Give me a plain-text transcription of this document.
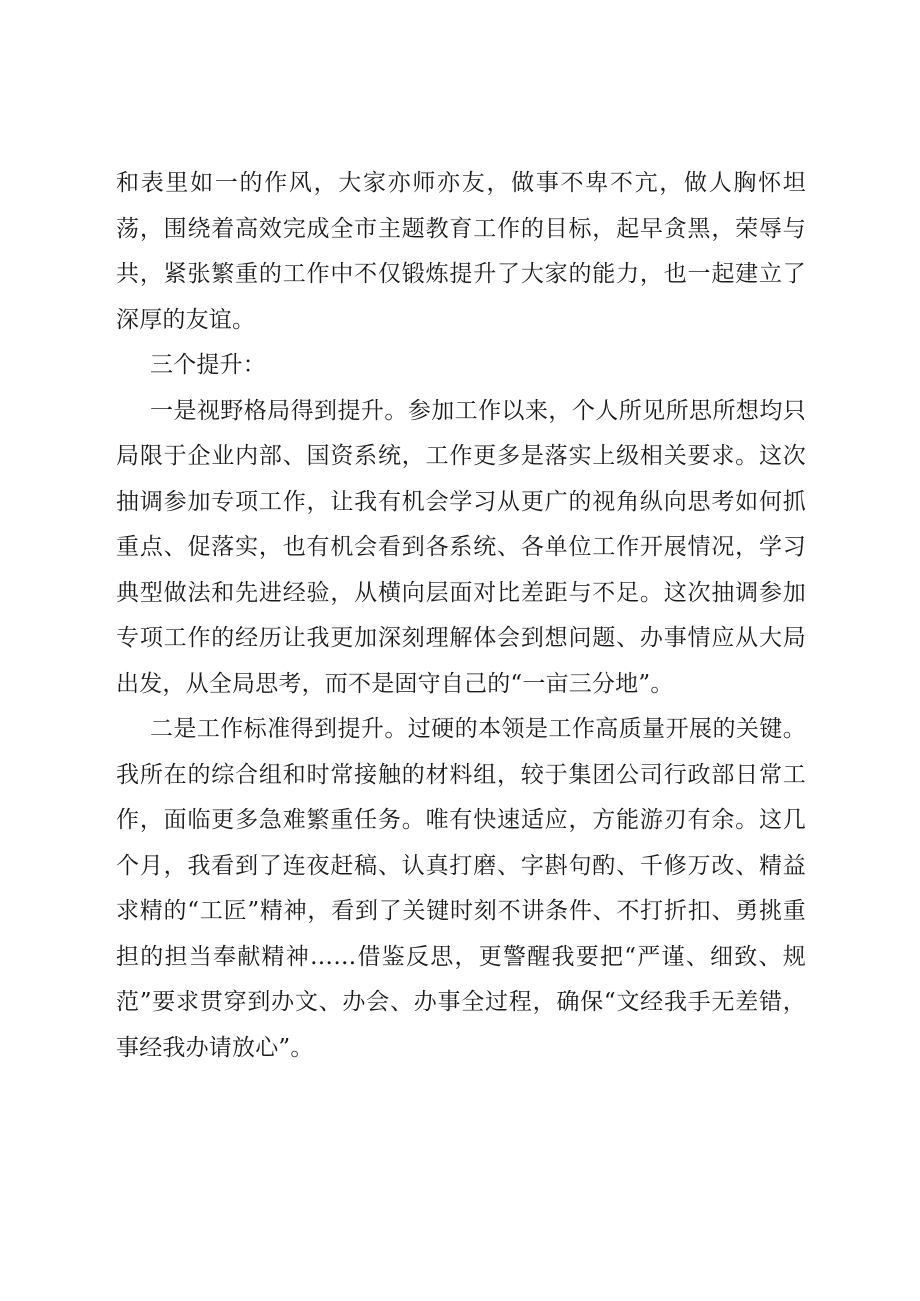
和表里如一的作风，大家亦师亦友，做事不卑不亢，做人胸怀坦荡，围绕着高效完成全市主题教育工作的目标，起早贪黑，荣辱与共，紧张繁重的工作中不仅锻炼提升了大家的能力，也一起建立了深厚的友谊。

三个提升：

一是视野格局得到提升。参加工作以来，个人所见所思所想均只局限于企业内部、国资系统，工作更多是落实上级相关要求。这次抽调参加专项工作，让我有机会学习从更广的视角纵向思考如何抓重点、促落实，也有机会看到各系统、各单位工作开展情况，学习典型做法和先进经验，从横向层面对比差距与不足。这次抽调参加专项工作的经历让我更加深刻理解体会到想问题、办事情应从大局出发，从全局思考，而不是固守自己的“一亩三分地”。

二是工作标准得到提升。过硬的本领是工作高质量开展的关键。我所在的综合组和时常接触的材料组，较于集团公司行政部日常工作，面临更多急难繁重任务。唯有快速适应，方能游刃有余。这几个月，我看到了连夜赶稿、认真打磨、字斟句酌、千修万改、精益求精的“工匠”精神，看到了关键时刻不讲条件、不打折扣、勇挑重担的担当奉献精神……借鉴反思，更警醒我要把“严谨、细致、规范”要求贯穿到办文、办会、办事全过程，确保“文经我手无差错，事经我办请放心”。
